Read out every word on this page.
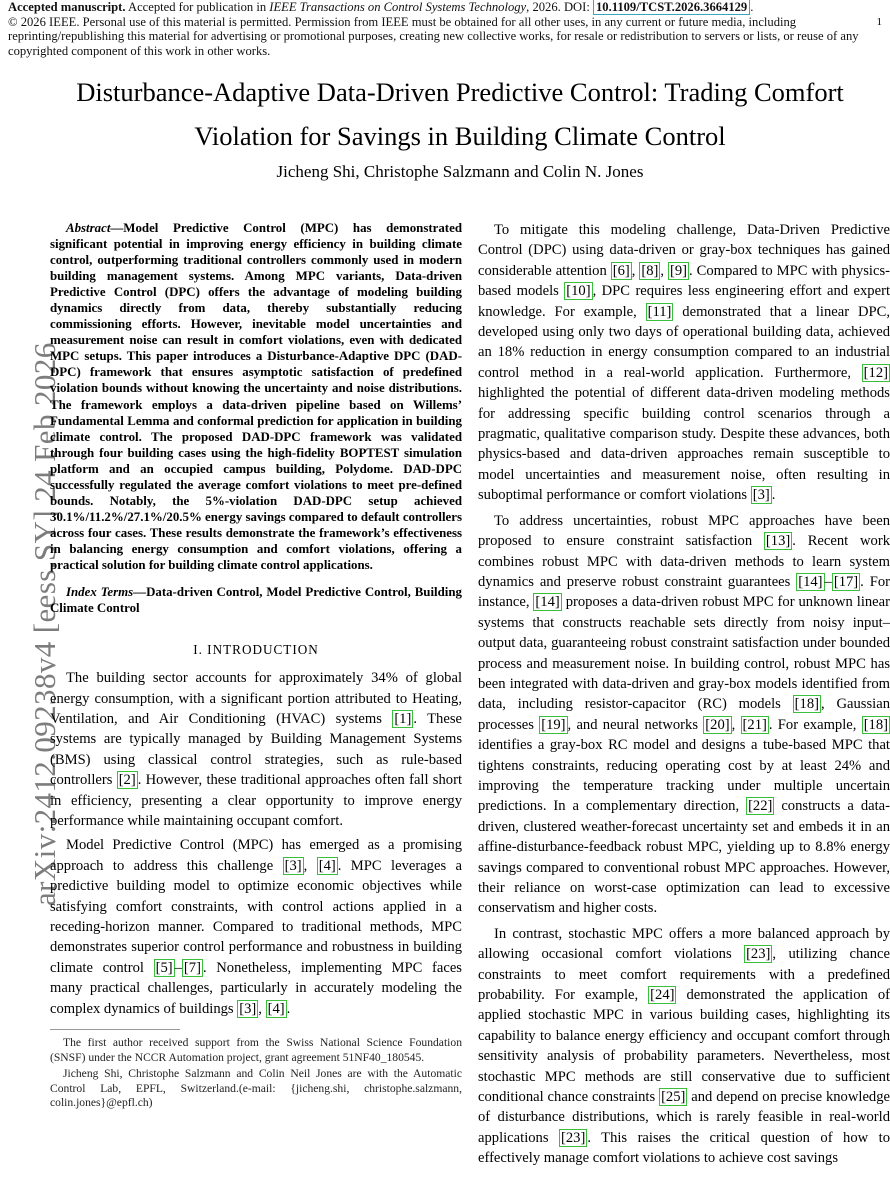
Accepted manuscript. Accepted for publication in IEEE Transactions on Control Systems Technology, 2026. DOI: 10.1109/TCST.2026.3664129 .
© 2026 IEEE. Personal use of this material is permitted. Permission from IEEE must be obtained for all other uses, in any current or future media, including reprinting/republishing this material for advertising or promotional purposes, creating new collective works, for resale or redistribution to servers or lists, or reuse of any copyrighted component of this work in other works.
1
arXiv:2412.09238v4 [eess.SY] 24 Feb 2026
Disturbance-Adaptive Data-Driven Predictive Control: Trading Comfort Violation for Savings in Building Climate Control
Jicheng Shi, Christophe Salzmann and Colin N. Jones

Abstract—Model Predictive Control (MPC) has demonstrated significant potential in improving energy efficiency in building climate control, outperforming traditional controllers commonly used in modern building management systems. Among MPC variants, Data-driven Predictive Control (DPC) offers the advantage of modeling building dynamics directly from data, thereby substantially reducing commissioning efforts. However, inevitable model uncertainties and measurement noise can result in comfort violations, even with dedicated MPC setups. This paper introduces a Disturbance-Adaptive DPC (DAD-DPC) framework that ensures asymptotic satisfaction of predefined violation bounds without knowing the uncertainty and noise distributions. The framework employs a data-driven pipeline based on Willems’ Fundamental Lemma and conformal prediction for application in building climate control. The proposed DAD-DPC framework was validated through four building cases using the high-fidelity BOPTEST simulation platform and an occupied campus building, Polydome. DAD-DPC successfully regulated the average comfort violations to meet pre-defined bounds. Notably, the 5%-violation DAD-DPC setup achieved 30.1%/11.2%/27.1%/20.5% energy savings compared to default controllers across four cases. These results demonstrate the framework’s effectiveness in balancing energy consumption and comfort violations, offering a practical solution for building climate control applications.

Index Terms—Data-driven Control, Model Predictive Control, Building Climate Control

I. INTRODUCTION

The building sector accounts for approximately 34% of global energy consumption, with a significant portion attributed to Heating, Ventilation, and Air Conditioning (HVAC) systems [1] . These systems are typically managed by Building Management Systems (BMS) using classical control strategies, such as rule-based controllers [2] . However, these traditional approaches often fall short in efficiency, presenting a clear opportunity to improve energy performance while maintaining occupant comfort.

Model Predictive Control (MPC) has emerged as a promising approach to address this challenge [3] , [4] . MPC leverages a predictive building model to optimize economic objectives while satisfying comfort constraints, with control actions applied in a receding-horizon manner. Compared to traditional methods, MPC demonstrates superior control performance and robustness in building climate control [5] – [7] . Nonetheless, implementing MPC faces many practical challenges, particularly in accurately modeling the complex dynamics of buildings [3] , [4] .

The first author received support from the Swiss National Science Foundation (SNSF) under the NCCR Automation project, grant agreement 51NF40_180545.

Jicheng Shi, Christophe Salzmann and Colin Neil Jones are with the Automatic Control Lab, EPFL, Switzerland.(e-mail: {jicheng.shi, christophe.salzmann, colin.jones}@epfl.ch)

To mitigate this modeling challenge, Data-Driven Predictive Control (DPC) using data-driven or gray-box techniques has gained considerable attention [6] , [8] , [9] . Compared to MPC with physics-based models [10] , DPC requires less engineering effort and expert knowledge. For example, [11] demonstrated that a linear DPC, developed using only two days of operational building data, achieved an 18% reduction in energy consumption compared to an industrial control method in a real-world application. Furthermore, [12] highlighted the potential of different data-driven modeling methods for addressing specific building control scenarios through a pragmatic, qualitative comparison study. Despite these advances, both physics-based and data-driven approaches remain susceptible to model uncertainties and measurement noise, often resulting in suboptimal performance or comfort violations [3] .

To address uncertainties, robust MPC approaches have been proposed to ensure constraint satisfaction [13] . Recent work combines robust MPC with data-driven methods to learn system dynamics and preserve robust constraint guarantees [14] – [17] . For instance, [14] proposes a data-driven robust MPC for unknown linear systems that constructs reachable sets directly from noisy input–output data, guaranteeing robust constraint satisfaction under bounded process and measurement noise. In building control, robust MPC has been integrated with data-driven and gray-box models identified from data, including resistor-capacitor (RC) models [18] , Gaussian processes [19] , and neural networks [20] , [21] . For example, [18] identifies a gray-box RC model and designs a tube-based MPC that tightens constraints, reducing operating cost by at least 24% and improving the temperature tracking under multiple uncertain predictions. In a complementary direction, [22] constructs a data-driven, clustered weather-forecast uncertainty set and embeds it in an affine-disturbance-feedback robust MPC, yielding up to 8.8% energy savings compared to conventional robust MPC approaches. However, their reliance on worst-case optimization can lead to excessive conservatism and higher costs.

In contrast, stochastic MPC offers a more balanced approach by allowing occasional comfort violations [23] , utilizing chance constraints to meet comfort requirements with a predefined probability. For example, [24] demonstrated the application of applied stochastic MPC in various building cases, highlighting its capability to balance energy efficiency and occupant comfort through sensitivity analysis of probability parameters. Nevertheless, most stochastic MPC methods are still conservative due to sufficient conditional chance constraints [25] and depend on precise knowledge of disturbance distributions, which is rarely feasible in real-world applications [23] . This raises the critical question of how to effectively manage comfort violations to achieve cost savings
